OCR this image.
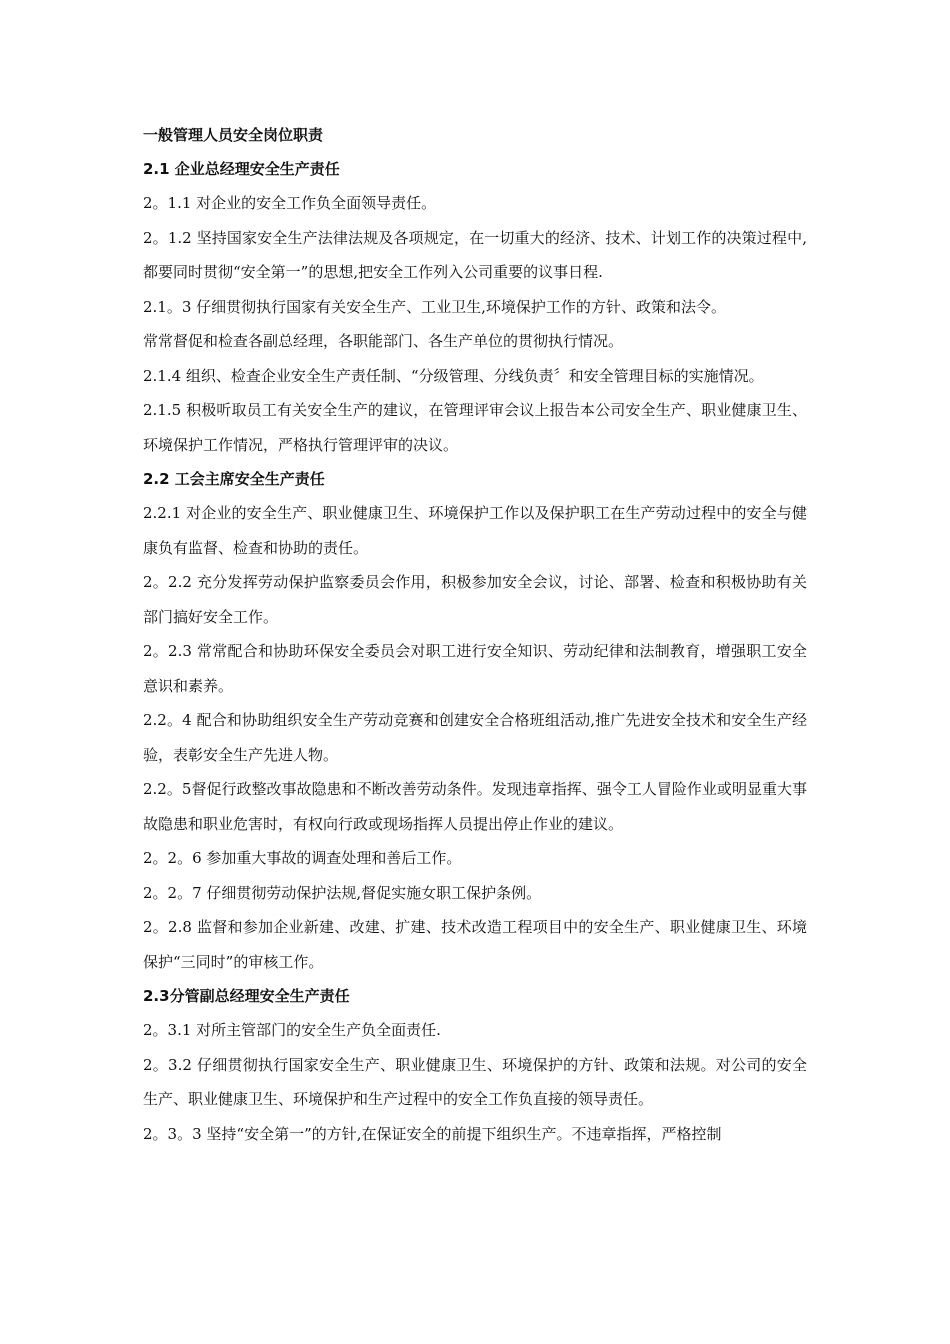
一般管理人员安全岗位职责

2.1 企业总经理安全生产责任

2。1.1 对企业的安全工作负全面领导责任。

2。1.2 坚持国家安全生产法律法规及各项规定，在一切重大的经济、技术、计划工作的决策过程中,都要同时贯彻“安全第一”的思想,把安全工作列入公司重要的议事日程.

2.1。3 仔细贯彻执行国家有关安全生产、工业卫生,环境保护工作的方针、政策和法令。

常常督促和检查各副总经理，各职能部门、各生产单位的贯彻执行情况。

2.1.4 组织、检查企业安全生产责任制、“分级管理、分线负责〞和安全管理目标的实施情况。

2.1.5 积极听取员工有关安全生产的建议，在管理评审会议上报告本公司安全生产、职业健康卫生、环境保护工作情况，严格执行管理评审的决议。

2.2 工会主席安全生产责任

2.2.1 对企业的安全生产、职业健康卫生、环境保护工作以及保护职工在生产劳动过程中的安全与健康负有监督、检查和协助的责任。

2。2.2 充分发挥劳动保护监察委员会作用，积极参加安全会议，讨论、部署、检查和积极协助有关部门搞好安全工作。

2。2.3 常常配合和协助环保安全委员会对职工进行安全知识、劳动纪律和法制教育，增强职工安全意识和素养。

2.2。4 配合和协助组织安全生产劳动竞赛和创建安全合格班组活动,推广先进安全技术和安全生产经验，表彰安全生产先进人物。

2.2。5督促行政整改事故隐患和不断改善劳动条件。发现违章指挥、强令工人冒险作业或明显重大事故隐患和职业危害时，有权向行政或现场指挥人员提出停止作业的建议。

2。2。6 参加重大事故的调查处理和善后工作。

2。2。7 仔细贯彻劳动保护法规,督促实施女职工保护条例。

2。2.8 监督和参加企业新建、改建、扩建、技术改造工程项目中的安全生产、职业健康卫生、环境保护“三同时”的审核工作。

2.3分管副总经理安全生产责任

2。3.1 对所主管部门的安全生产负全面责任.

2。3.2 仔细贯彻执行国家安全生产、职业健康卫生、环境保护的方针、政策和法规。对公司的安全生产、职业健康卫生、环境保护和生产过程中的安全工作负直接的领导责任。

2。3。3 坚持“安全第一”的方针,在保证安全的前提下组织生产。不违章指挥，严格控制
